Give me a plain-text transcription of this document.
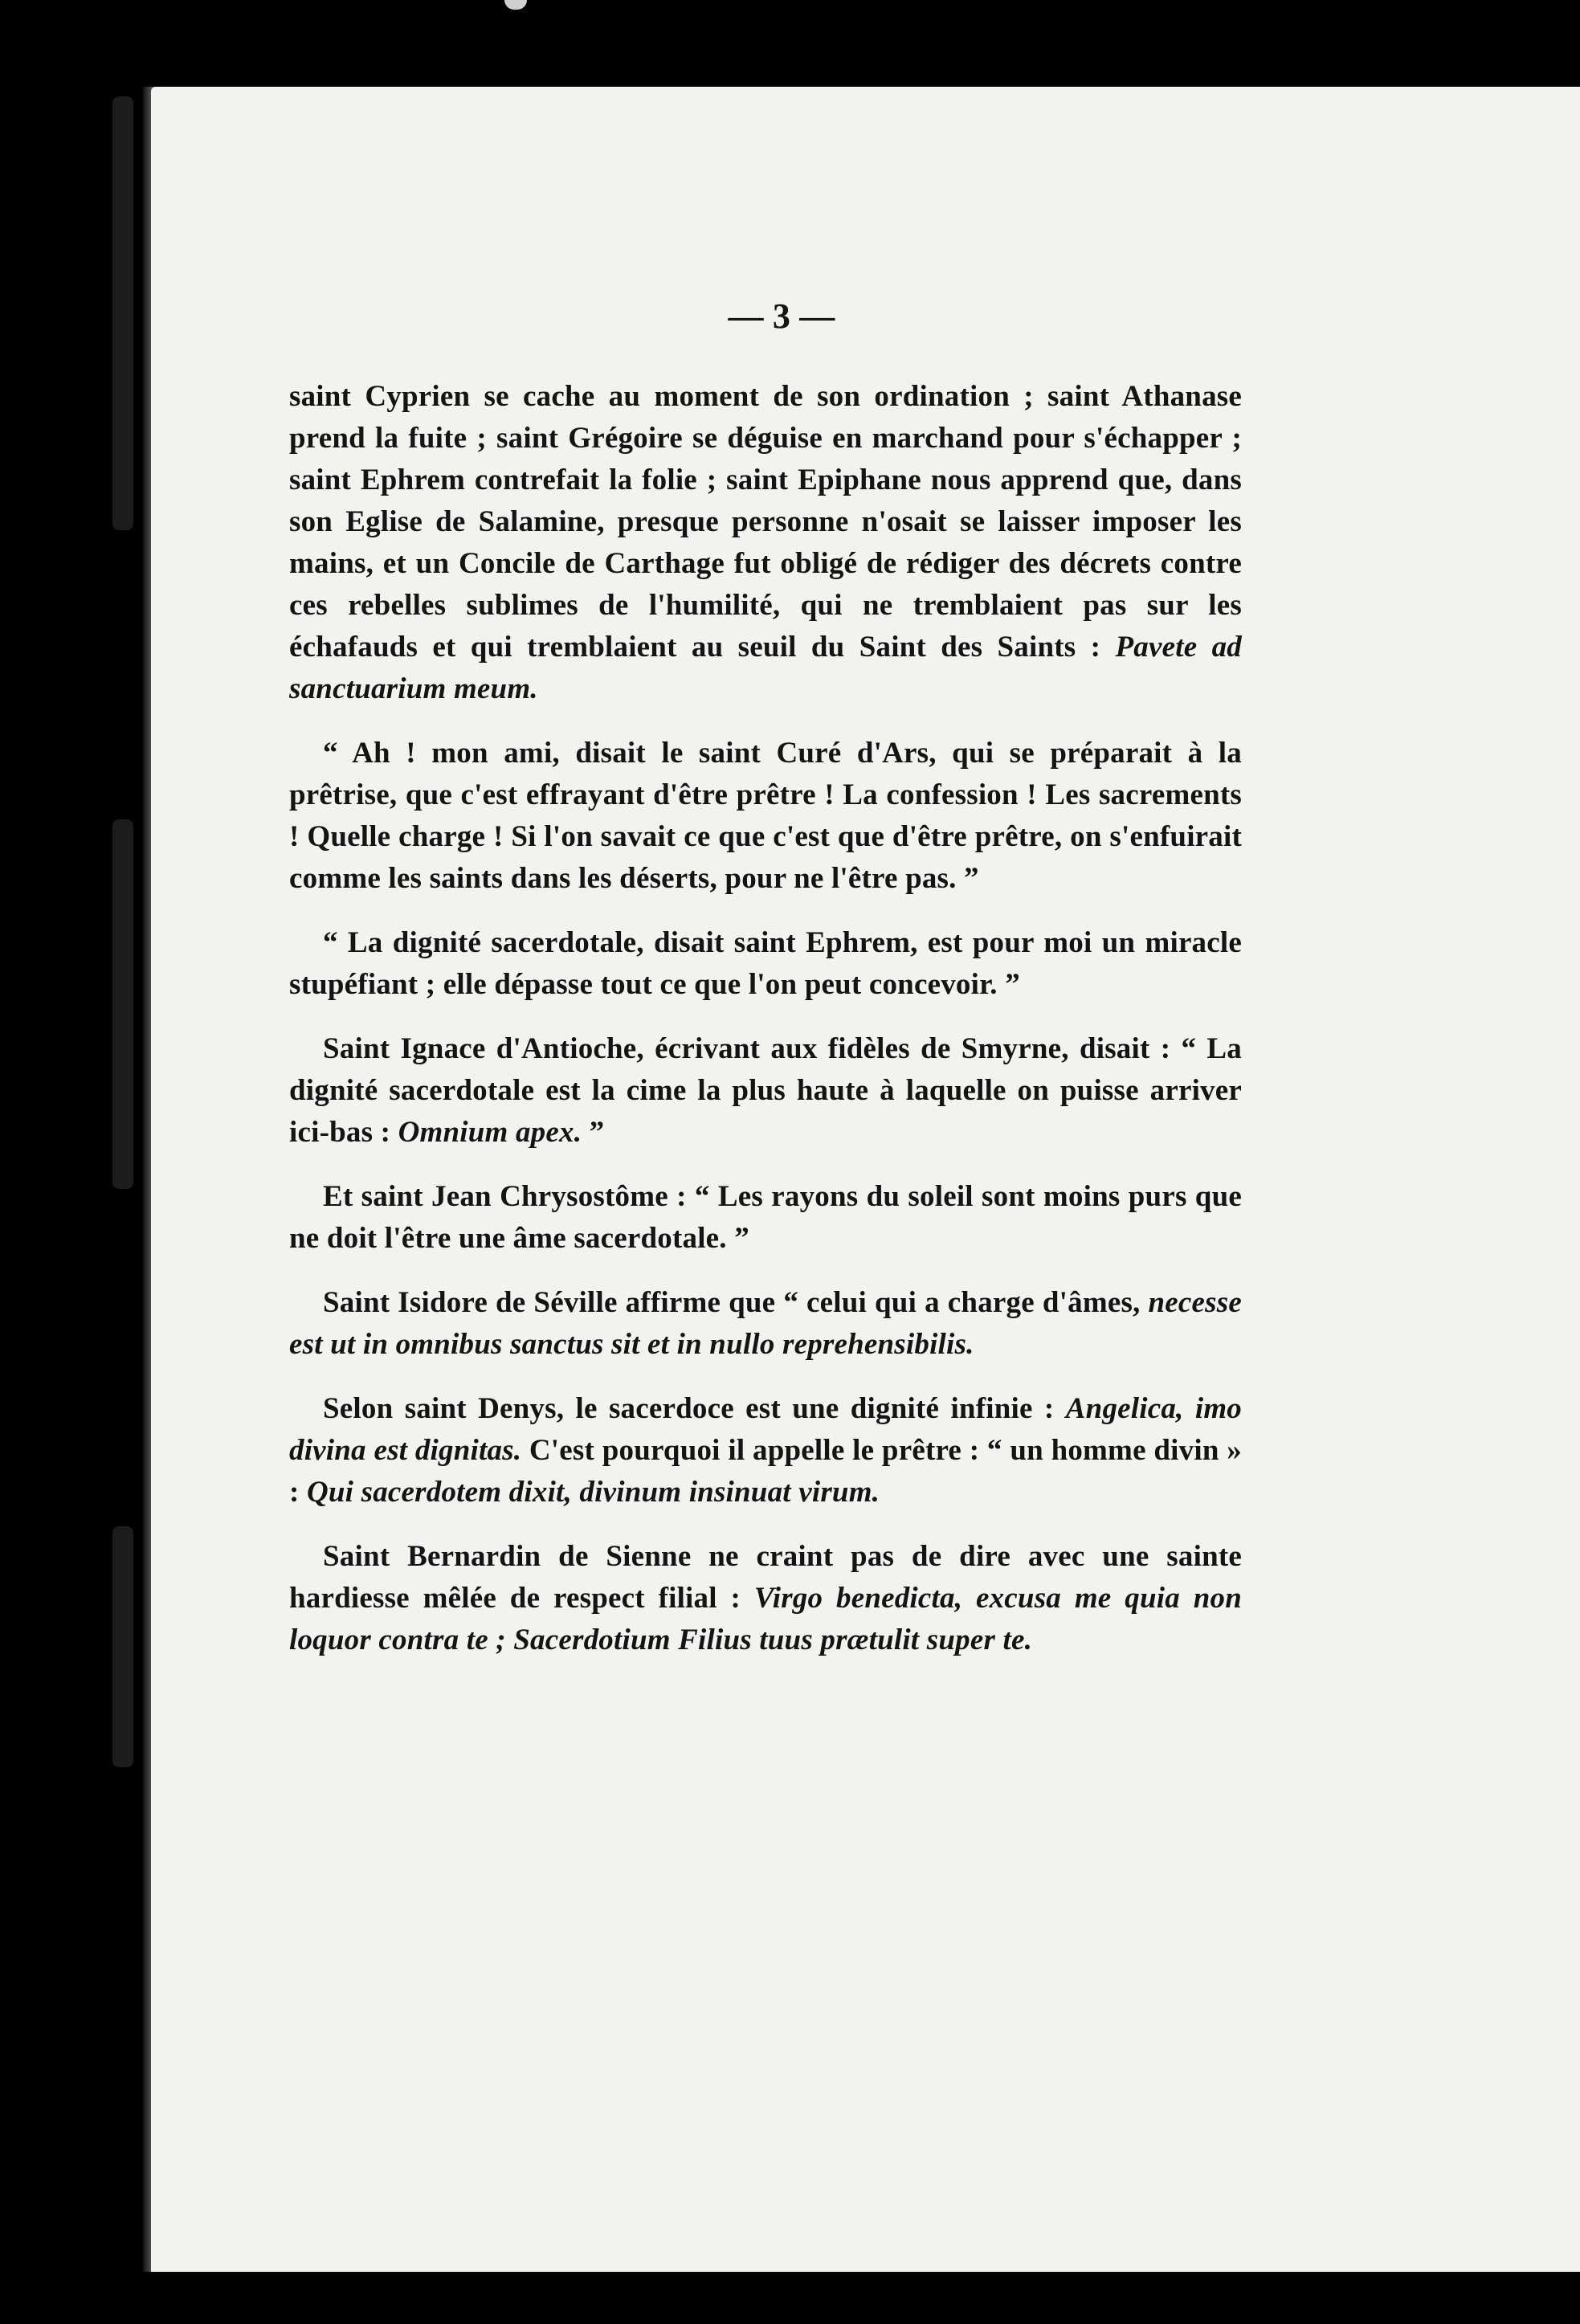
— 3 —

saint Cyprien se cache au moment de son ordination ; saint Athanase prend la fuite ; saint Grégoire se déguise en marchand pour s'échapper ; saint Ephrem contrefait la folie ; saint Epiphane nous apprend que, dans son Eglise de Salamine, presque personne n'osait se laisser imposer les mains, et un Concile de Carthage fut obligé de rédiger des décrets contre ces rebelles sublimes de l'humilité, qui ne tremblaient pas sur les échafauds et qui tremblaient au seuil du Saint des Saints : Pavete ad sanctuarium meum.

“ Ah ! mon ami, disait le saint Curé d'Ars, qui se préparait à la prêtrise, que c'est effrayant d'être prêtre ! La confession ! Les sacrements ! Quelle charge ! Si l'on savait ce que c'est que d'être prêtre, on s'enfuirait comme les saints dans les déserts, pour ne l'être pas. ”

“ La dignité sacerdotale, disait saint Ephrem, est pour moi un miracle stupéfiant ; elle dépasse tout ce que l'on peut concevoir. ”

Saint Ignace d'Antioche, écrivant aux fidèles de Smyrne, disait : “ La dignité sacerdotale est la cime la plus haute à laquelle on puisse arriver ici-bas : Omnium apex. ”

Et saint Jean Chrysostôme : “ Les rayons du soleil sont moins purs que ne doit l'être une âme sacerdotale. ”

Saint Isidore de Séville affirme que “ celui qui a charge d'âmes, necesse est ut in omnibus sanctus sit et in nullo reprehensibilis.

Selon saint Denys, le sacerdoce est une dignité infinie : Angelica, imo divina est dignitas. C'est pourquoi il appelle le prêtre : “ un homme divin » : Qui sacerdotem dixit, divinum insinuat virum.

Saint Bernardin de Sienne ne craint pas de dire avec une sainte hardiesse mêlée de respect filial : Virgo benedicta, excusa me quia non loquor contra te ; Sacerdotium Filius tuus prætulit super te.
